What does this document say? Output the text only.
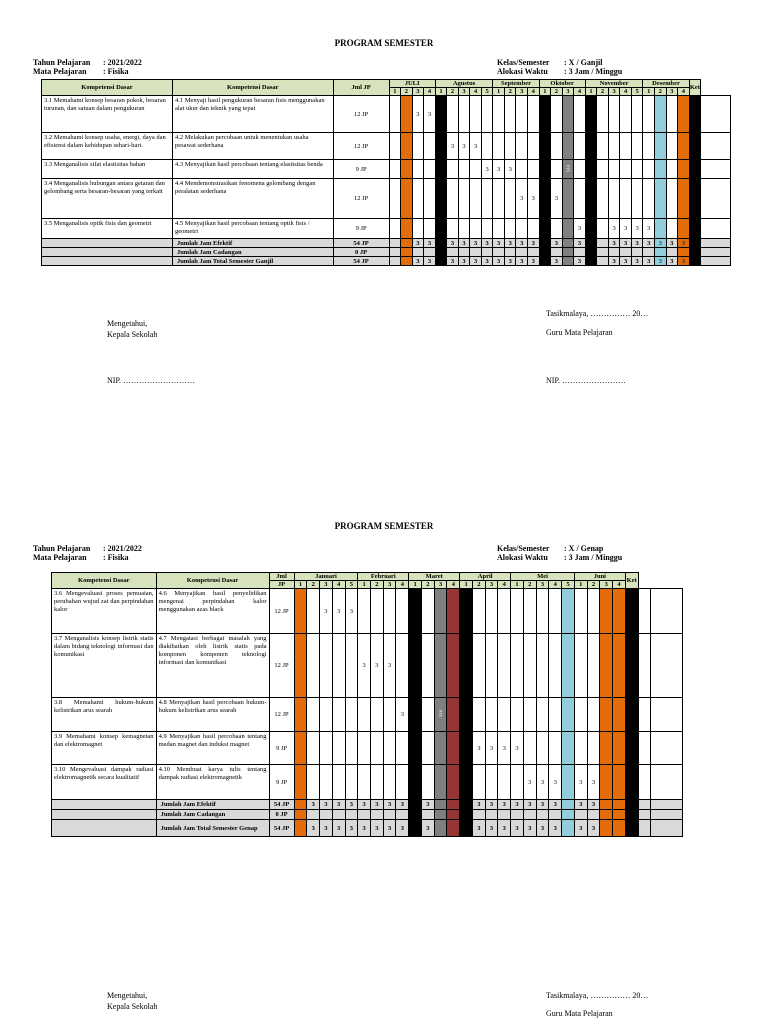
PROGRAM SEMESTER
Tahun Pelajaran : 2021/2022
Mata Pelajaran : Fisika
Kelas/Semester : X / Ganjil
Alokasi Waktu : 3 Jam / Minggu
Kompetensi Dasar	Kompetensi Dasar	Jml JP	JULI				Agustus					September				Oktober				November					Desember				Ket	
			1	2	3	4	1	2	3	4	5	1	2	3	4	1	2	3	4	1	2	3	4	5	1	2	3	4		
3.1 Memahami konsep besaran pokok, besaran turunan, dan satuan dalam pengukuran	4.1 Menyaji hasil pengukuran besaran fisis menggunakan alat ukur dan teknik yang tepat	12 JP			3	3																								
3.2 Memahami konsep usaha, energi, daya dan efisiensi dalam kehidupan sehari-hari.	4.2 Melakukan percobaan untuk menentukan usaha pesawat sederhana	12 JP						3	3	3																				
3.3 Menganalisis sifat elastisitas bahan	4.3 Menyajikan hasil percobaan tentang elastisitas benda	9 JP									3	3	3					PTS												
3.4 Menganalisis hubungan antara getaran dan gelombang serta besaran-besaran yang terkait	4.4 Mendemonstrasikan fenomena gelombang dengan peralatan sederhana	12 JP												3	3	3	3													
3.5 Menganalisis optik fisis dan geometri	4.5 Menyajikan hasil percobaan tentang optik fisis / geometri	9 JP																	3	3		3	3	3	3					
	Jumlah Jam Efektif	54 JP			3	3		3	3	3	3	3	3	3	3		3		3	3		3	3	3	3	3	3	3		
	Jumlah Jam Cadangan	0 JP																												
	Jumlah Jam Total Semester Ganjil	54 JP			3	3		3	3	3	3	3	3	3	3		3		3	3		3	3	3	3	3	3	3		
Mengetahui,
Kepala Sekolah
NIP. ………………………
Tasikmalaya, …………… 20…
Guru Mata Pelajaran
NIP. ……………………
PROGRAM SEMESTER
Tahun Pelajaran : 2021/2022
Mata Pelajaran : Fisika
Kelas/Semester : X / Genap
Alokasi Waktu : 3 Jam / Minggu
Kompetensi Dasar	Kompetensi Dasar	Jml	Januari					Februari				Maret				April				Mei					Juni				Ket		
		JP	1	2	3	4	5	1	2	3	4	1	2	3	4	1	2	3	4	1	2	3	4	5	1	2	3	4			
3.6 Mengevaluasi proses pemuaian, perubahan wujud zat dan perpindahan kalor	4.6 Menyajikan hasil penyelidikan mengenai perpindahan kalor menggunakan azas black	12 JP			3	3	3																								
3.7 Menganalisis konsep listrik statis dalam bidang teknologi informasi dan komunikasi	4.7 Mengatasi berbagai masalah yang diakibatkan oleh listrik statis pada komponen komponen teknologi informasi dan komunikasi	12 JP						3	3	3																					
3.8 Memahami hukum-hukum kelistrikan arus searah	4.8 Menyajikan hasil percobaan hukum-hukum kelistrikan arus searah	12 JP									3	3		PTS		3															
3.9 Memahami konsep kemagnetan dan elektromagnet	4.9 Menyajikan hasil percobaan tentang medan magnet dan induksi magnet	9 JP															3	3	3	3											
3.10 Mengevaluasi dampak radiasi elektromagnetik secara kualitatif	4.10 Membuat karya tulis tentang dampak radiasi elektromagnetik	9 JP																			3	3	3		3	3					
	Jumlah Jam Efektif	54 JP		3	3	3	3	3	3	3	3		3			3	3	3	3	3	3	3	3		3	3					
	Jumlah Jam Cadangan	0 JP																													
	Jumlah Jam Total Semester Genap	54 JP		3	3	3	3	3	3	3	3		3			3	3	3	3	3	3	3	3		3	3					
Mengetahui,
Kepala Sekolah
Tasikmalaya, …………… 20…
Guru Mata Pelajaran
